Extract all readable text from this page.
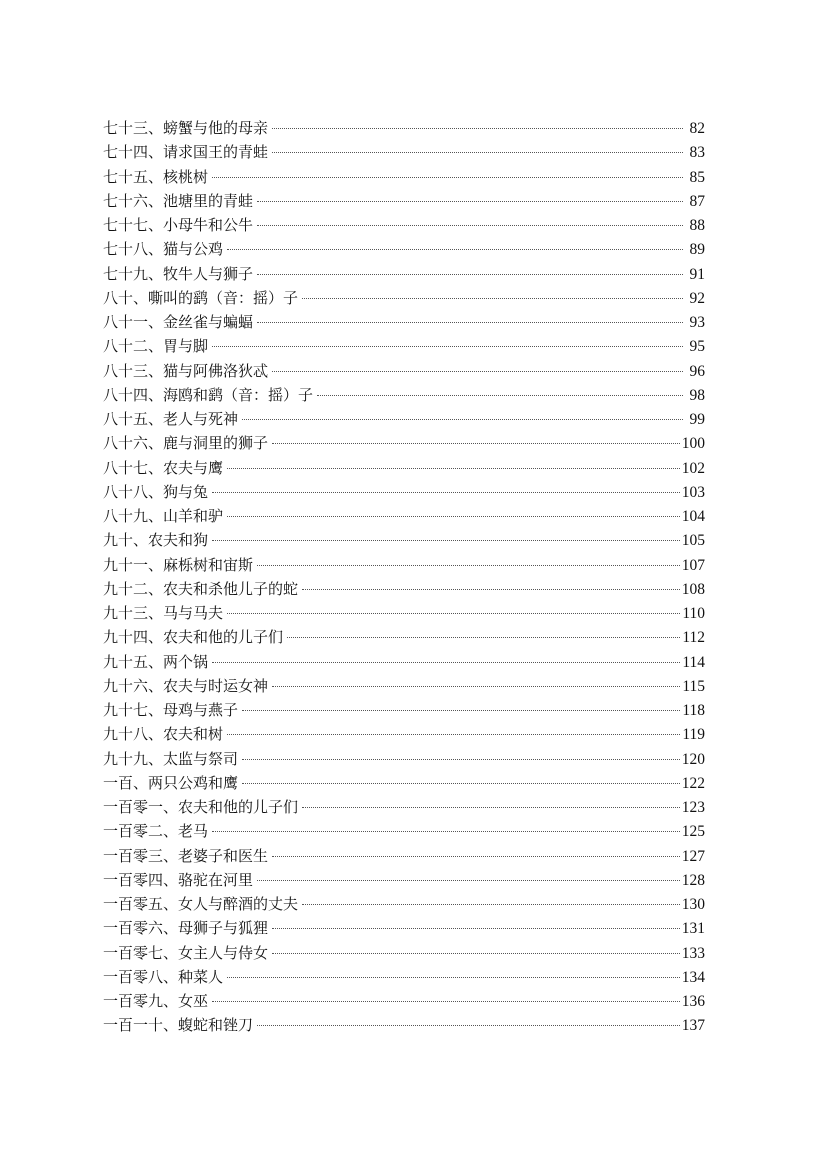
七十三、螃蟹与他的母亲	82
七十四、请求国王的青蛙	83
七十五、核桃树	85
七十六、池塘里的青蛙	87
七十七、小母牛和公牛	88
七十八、猫与公鸡	89
七十九、牧牛人与狮子	91
八十、嘶叫的鹞（音：摇）子	92
八十一、金丝雀与蝙蝠	93
八十二、胃与脚	95
八十三、猫与阿佛洛狄忒	96
八十四、海鸥和鹞（音：摇）子	98
八十五、老人与死神	99
八十六、鹿与洞里的狮子	100
八十七、农夫与鹰	102
八十八、狗与兔	103
八十九、山羊和驴	104
九十、农夫和狗	105
九十一、麻栎树和宙斯	107
九十二、农夫和杀他儿子的蛇	108
九十三、马与马夫	110
九十四、农夫和他的儿子们	112
九十五、两个锅	114
九十六、农夫与时运女神	115
九十七、母鸡与燕子	118
九十八、农夫和树	119
九十九、太监与祭司	120
一百、两只公鸡和鹰	122
一百零一、农夫和他的儿子们	123
一百零二、老马	125
一百零三、老婆子和医生	127
一百零四、骆驼在河里	128
一百零五、女人与醉酒的丈夫	130
一百零六、母狮子与狐狸	131
一百零七、女主人与侍女	133
一百零八、种菜人	134
一百零九、女巫	136
一百一十、蝮蛇和锉刀	137
